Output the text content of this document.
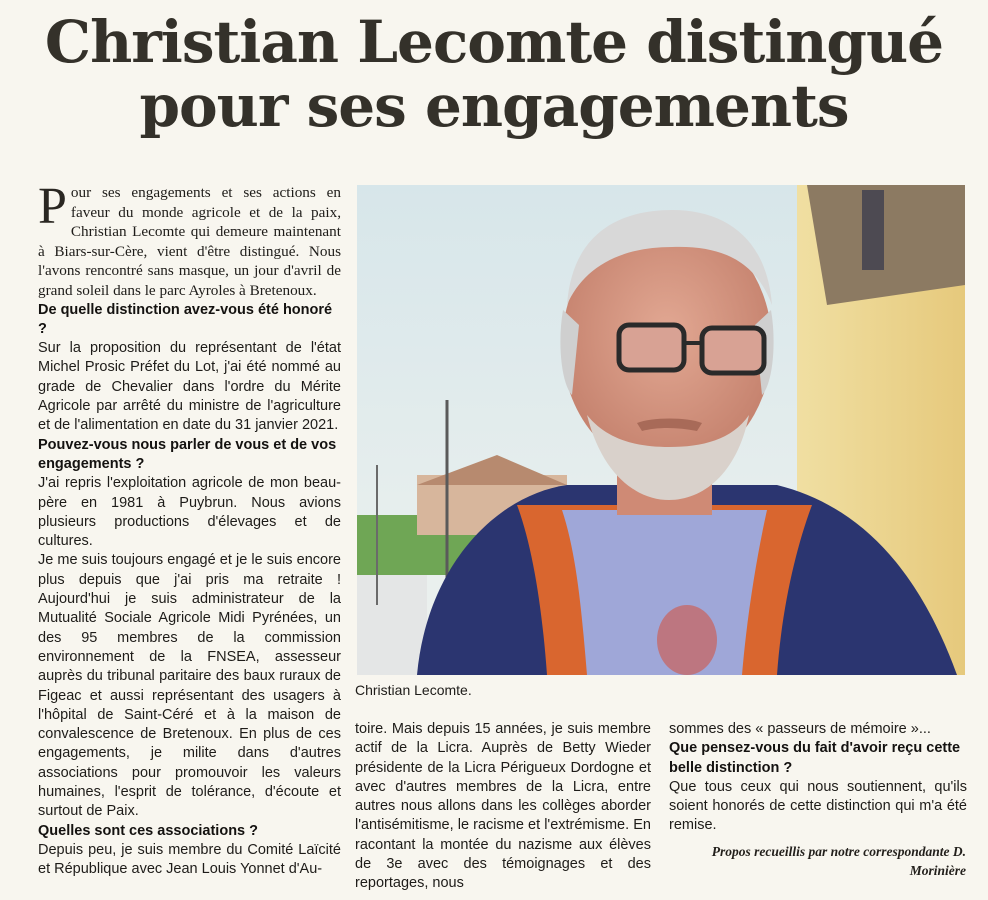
Christian Lecomte distingué
pour ses engagements

Pour ses engagements et ses actions en faveur du monde agricole et de la paix, Christian Lecomte qui demeure maintenant à Biars-sur-Cère, vient d'être distingué. Nous l'avons rencontré sans masque, un jour d'avril de grand soleil dans le parc Ayroles à Bretenoux.

De quelle distinction avez-vous été honoré ?

Sur la proposition du représentant de l'état Michel Prosic Préfet du Lot, j'ai été nommé au grade de Chevalier dans l'ordre du Mérite Agricole par arrêté du ministre de l'agriculture et de l'alimentation en date du 31 janvier 2021.

Pouvez-vous nous parler de vous et de vos engagements ?

J'ai repris l'exploitation agricole de mon beau-père en 1981 à Puybrun. Nous avions plusieurs productions d'élevages et de cultures.

Je me suis toujours engagé et je le suis encore plus depuis que j'ai pris ma retraite ! Aujourd'hui je suis administrateur de la Mutualité Sociale Agricole Midi Pyrénées, un des 95 membres de la commission environnement de la FNSEA, assesseur auprès du tribunal paritaire des baux ruraux de Figeac et aussi représentant des usagers à l'hôpital de Saint-Céré et à la maison de convalescence de Bretenoux. En plus de ces engagements, je milite dans d'autres associations pour promouvoir les valeurs humaines, l'esprit de tolérance, d'écoute et surtout de Paix.

Quelles sont ces associations ?

Depuis peu, je suis membre du Comité Laïcité et République avec Jean Louis Yonnet d'Au-

Christian Lecomte.

toire. Mais depuis 15 années, je suis membre actif de la Licra. Auprès de Betty Wieder présidente de la Licra Périgueux Dordogne et avec d'autres membres de la Licra, entre autres nous allons dans les collèges aborder l'antisémitisme, le racisme et l'extrémisme. En racontant la montée du nazisme aux élèves de 3e avec des témoignages et des reportages, nous

sommes des « passeurs de mémoire »...

Que pensez-vous du fait d'avoir reçu cette belle distinction ?

Que tous ceux qui nous soutiennent, qu'ils soient honorés de cette distinction qui m'a été remise.

Propos recueillis par notre correspondante D.
Morinière
